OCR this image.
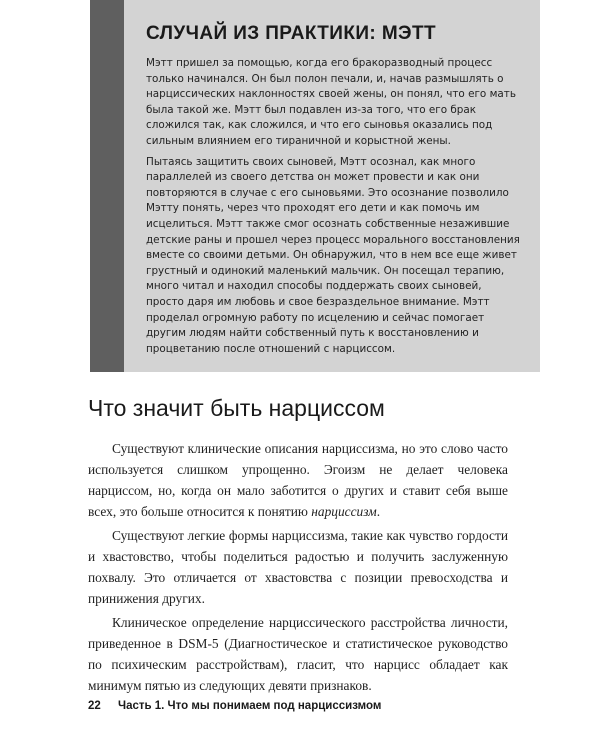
СЛУЧАЙ ИЗ ПРАКТИКИ: МЭТТ

Мэтт пришел за помощью, когда его бракоразводный процесс только начинался. Он был полон печали, и, начав размышлять о нарциссических наклонностях своей жены, он понял, что его мать была такой же. Мэтт был подавлен из-за того, что его брак сложился так, как сложился, и что его сыновья оказались под сильным влиянием его тираничной и корыстной жены.

Пытаясь защитить своих сыновей, Мэтт осознал, как много параллелей из своего детства он может провести и как они повторяются в случае с его сыновьями. Это осознание позволило Мэтту понять, через что проходят его дети и как помочь им исцелиться. Мэтт также смог осознать собственные незажившие детские раны и прошел через процесс морального восстановления вместе со своими детьми. Он обнаружил, что в нем все еще живет грустный и одинокий маленький мальчик. Он посещал терапию, много читал и находил способы поддержать своих сыновей, просто даря им любовь и свое безраздельное внимание. Мэтт проделал огромную работу по исцелению и сейчас помогает другим людям найти собственный путь к восстановлению и процветанию после отношений с нарциссом.

Что значит быть нарциссом

Существуют клинические описания нарциссизма, но это слово часто используется слишком упрощенно. Эгоизм не делает человека нарциссом, но, когда он мало заботится о других и ставит себя выше всех, это больше относится к понятию нарциссизм.

Существуют легкие формы нарциссизма, такие как чувство гордости и хвастовство, чтобы поделиться радостью и получить заслуженную похвалу. Это отличается от хвастовства с позиции превосходства и принижения других.

Клиническое определение нарциссического расстройства личности, приведенное в DSM-5 (Диагностическое и статистическое руководство по психическим расстройствам), гласит, что нарцисс обладает как минимум пятью из следующих девяти признаков.

22 Часть 1. Что мы понимаем под нарциссизмом
